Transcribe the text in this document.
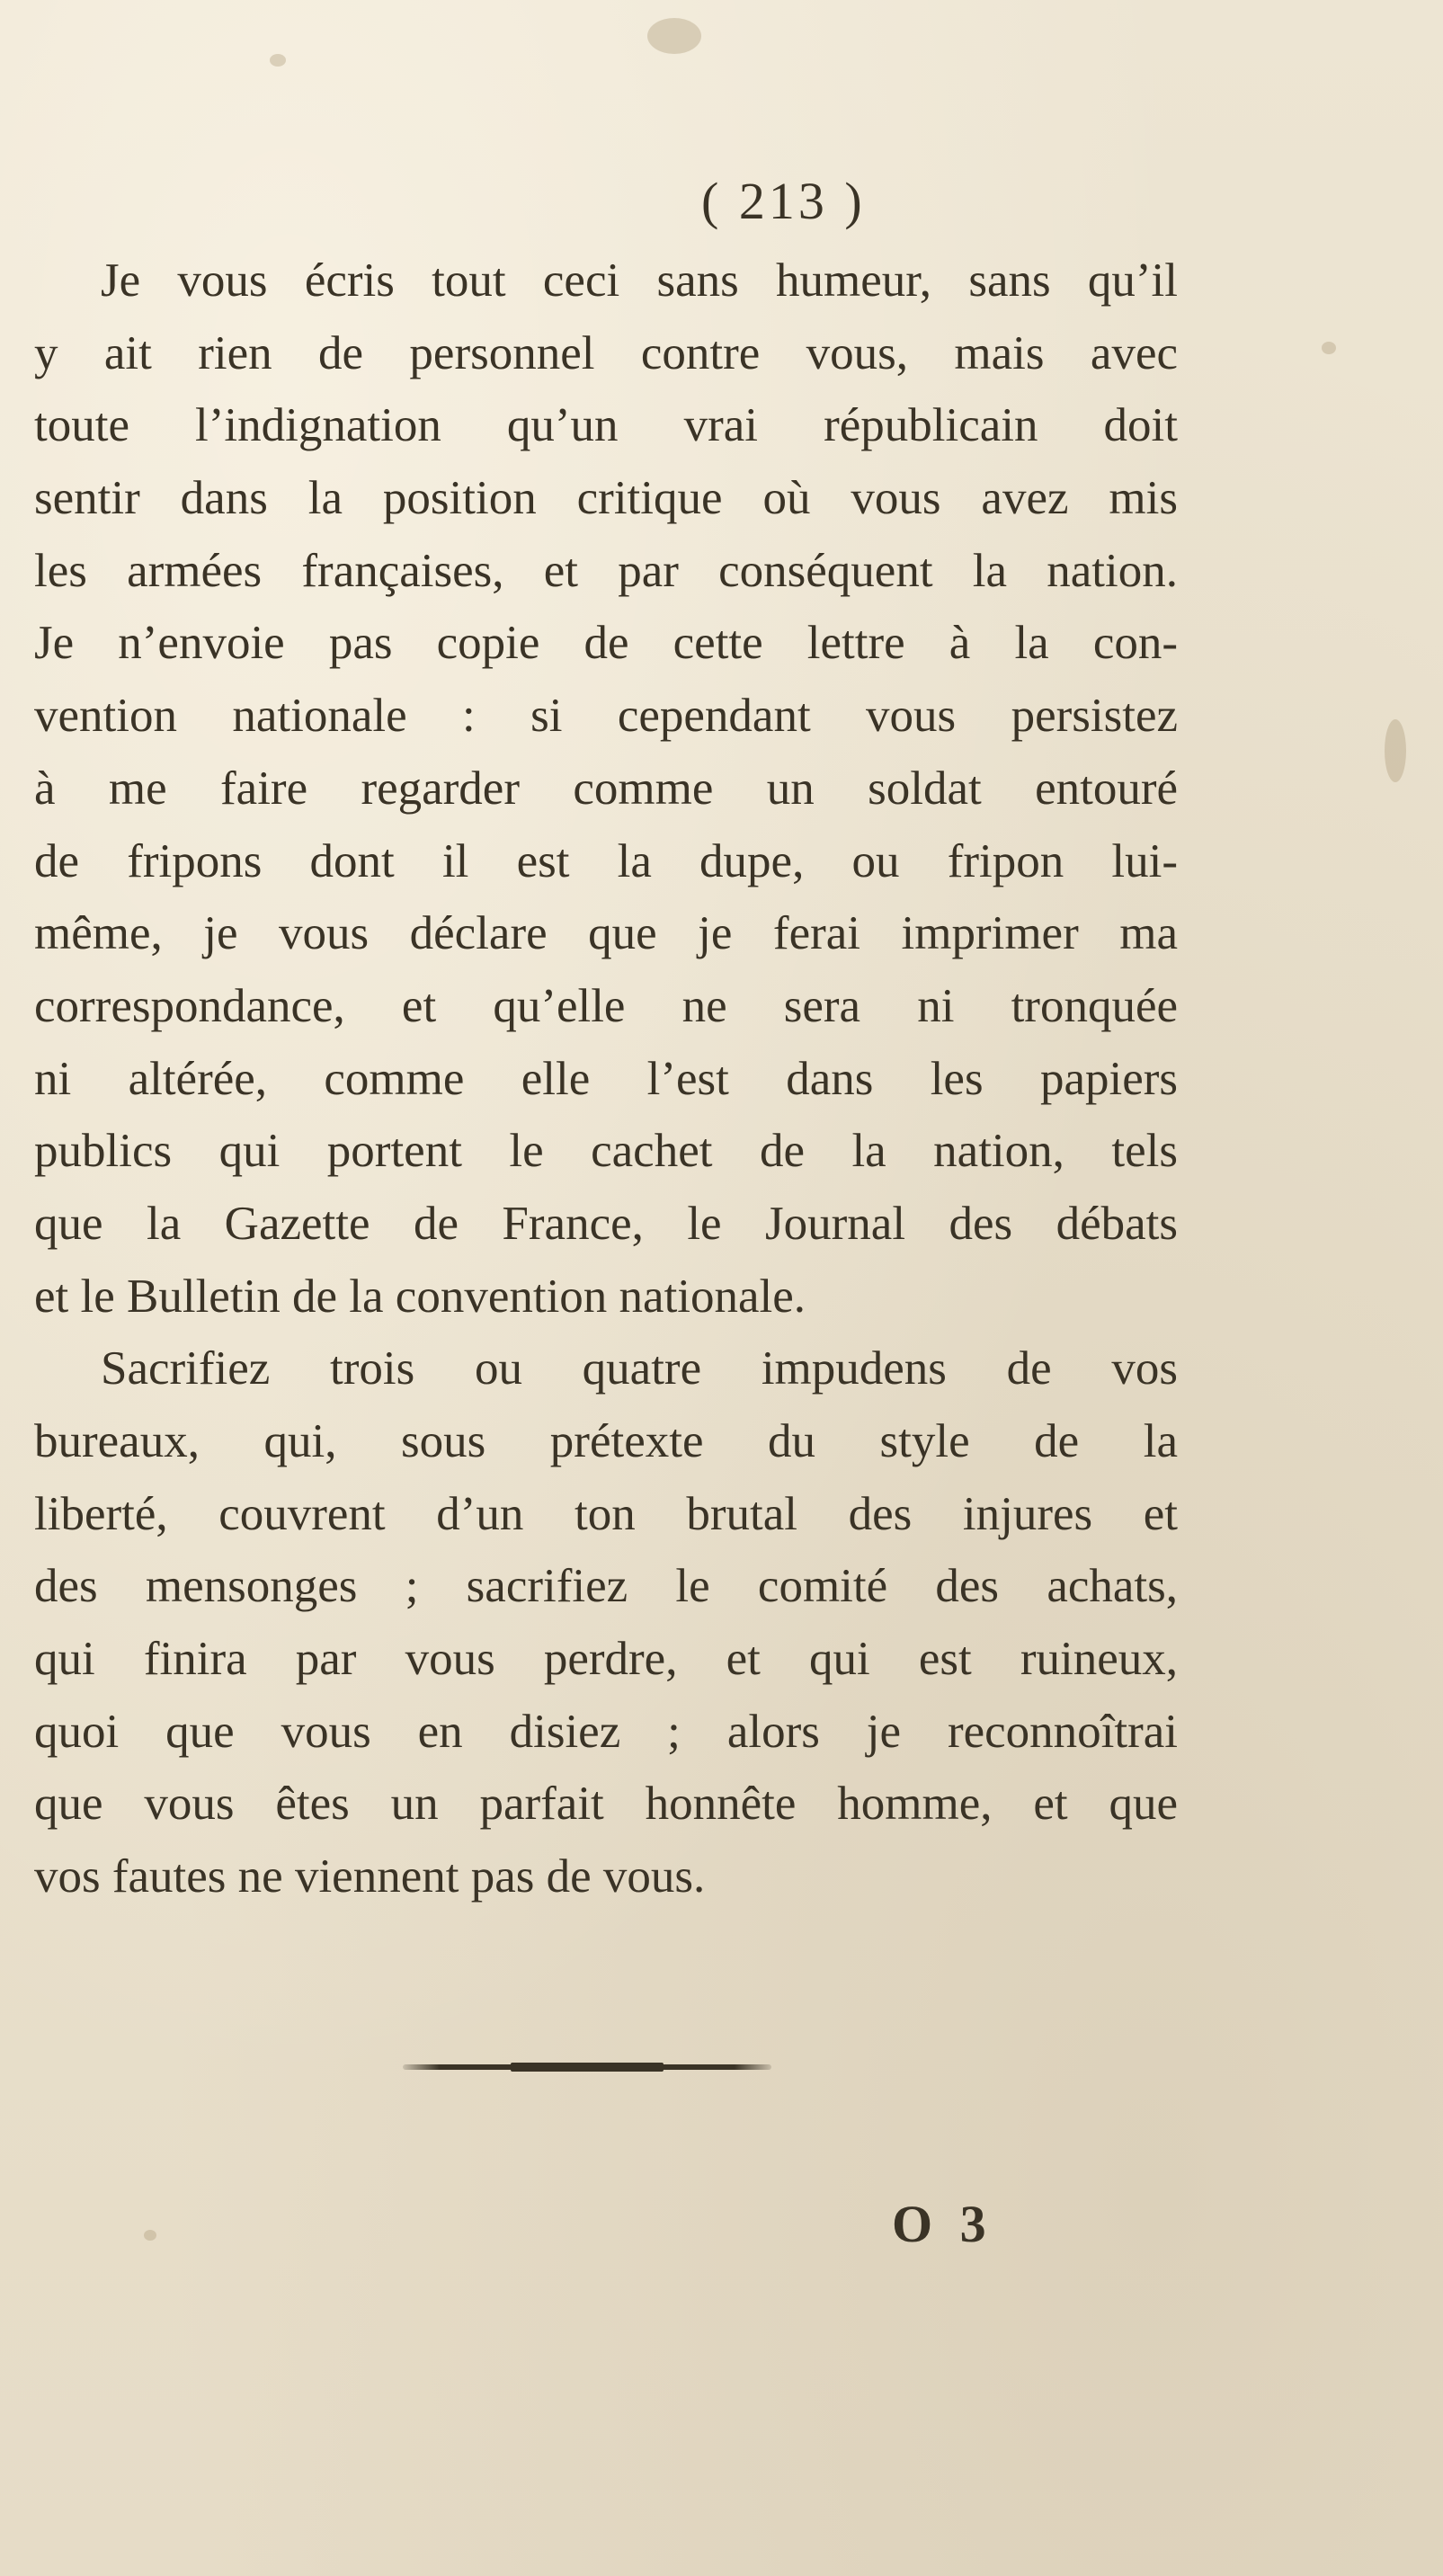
( 213 )
Je vous écris tout ceci sans humeur, sans qu’il
y ait rien de personnel contre vous, mais avec
toute l’indignation qu’un vrai républicain doit
sentir dans la position critique où vous avez mis
les armées françaises, et par conséquent la nation.
Je n’envoie pas copie de cette lettre à la con-
vention nationale : si cependant vous persistez
à me faire regarder comme un soldat entouré
de fripons dont il est la dupe, ou fripon lui-
même, je vous déclare que je ferai imprimer ma
correspondance, et qu’elle ne sera ni tronquée
ni altérée, comme elle l’est dans les papiers
publics qui portent le cachet de la nation, tels
que la Gazette de France, le Journal des débats
et le Bulletin de la convention nationale.
Sacrifiez trois ou quatre impudens de vos
bureaux, qui, sous prétexte du style de la
liberté, couvrent d’un ton brutal des injures et
des mensonges ; sacrifiez le comité des achats,
qui finira par vous perdre, et qui est ruineux,
quoi que vous en disiez ; alors je reconnoîtrai
que vous êtes un parfait honnête homme, et que
vos fautes ne viennent pas de vous.
O 3
